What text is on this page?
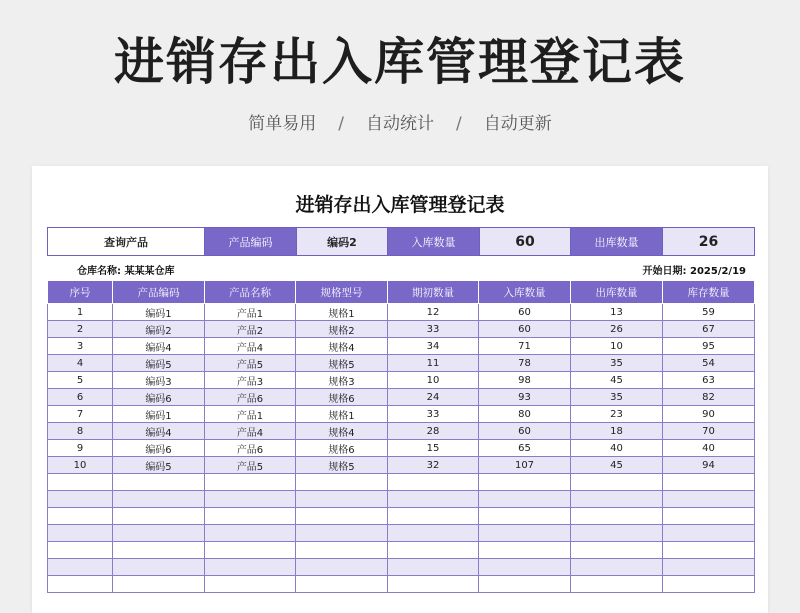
进销存出入库管理登记表
简单易用 / 自动统计 / 自动更新
进销存出入库管理登记表
查询产品	产品编码	编码2	入库数量	60	出库数量	26
仓库名称: 某某某仓库	开始日期: 2025/2/19
序号	产品编码	产品名称	规格型号	期初数量	入库数量	出库数量	库存数量
1	编码1	产品1	规格1	12	60	13	59
2	编码2	产品2	规格2	33	60	26	67
3	编码4	产品4	规格4	34	71	10	95
4	编码5	产品5	规格5	11	78	35	54
5	编码3	产品3	规格3	10	98	45	63
6	编码6	产品6	规格6	24	93	35	82
7	编码1	产品1	规格1	33	80	23	90
8	编码4	产品4	规格4	28	60	18	70
9	编码6	产品6	规格6	15	65	40	40
10	编码5	产品5	规格5	32	107	45	94
